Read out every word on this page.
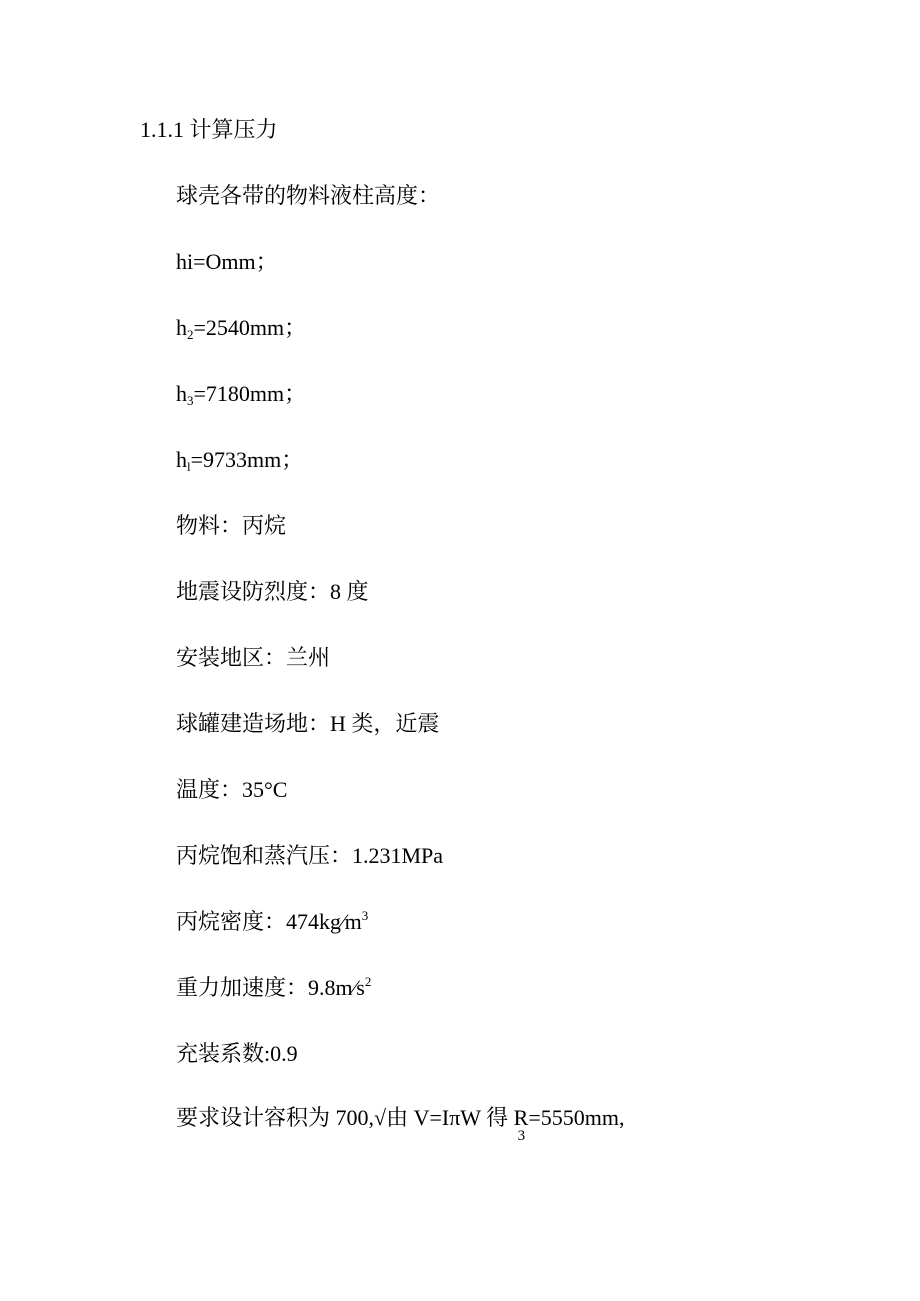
1.1.1 计算压力
球壳各带的物料液柱高度：
hi=Omm；
$h_2=2540mm$；
$h_3=7180mm$；
$h_l=9733mm$；
物料：丙烷
地震设防烈度：8 度
安装地区：兰州
球罐建造场地：H 类，近震
温度：35°C
丙烷饱和蒸汽压：1.231MPa
丙烷密度：$474kg∕m^3$
重力加速度：$9.8m∕s^2$
充装系数:0.9
要求设计容积为 700,√由 V=IπW 得
3
R=5550mm,
